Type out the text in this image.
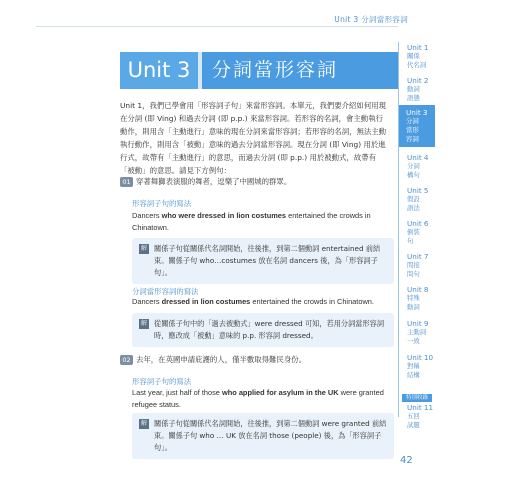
Unit 3 分詞當形容詞
Unit 3	分詞當形容詞
Unit 1，我們已學會用「形容詞子句」來當形容詞。本單元，我們要介紹如何用現在分詞 (即 Ving) 和過去分詞 (即 p.p.) 來當形容詞。若形容的名詞，會主動執行動作，則用含「主動進行」意味的現在分詞來當形容詞；若形容的名詞，無法主動執行動作，則用含「被動」意味的過去分詞當形容詞。現在分詞 (即 Ving) 用於進行式，故帶有「主動進行」的意思，而過去分詞 (即 p.p.) 用於被動式，故帶有「被動」的意思。請見下方例句：
01 穿著舞獅表演服的舞者，逗樂了中國城的群眾。
形容詞子句的寫法
Dancers who were dressed in lion costumes entertained the crowds in Chinatown.
解 關係子句從關係代名詞開始，往後推，到第二個動詞 entertained 前結束。關係子句 who…costumes 放在名詞 dancers 後，為「形容詞子句」。
分詞當形容詞的寫法
Dancers dressed in lion costumes entertained the crowds in Chinatown.
解 從關係子句中的「過去被動式」were dressed 可知，若用分詞當形容詞時，應改成「被動」意味的 p.p. 形容詞 dressed。
02 去年，在英國申請庇護的人，僅半數取得難民身份。
形容詞子句的寫法
Last year, just half of those who applied for asylum in the UK were granted refugee status.
解 關係子句從關係代名詞開始，往後推，到第二個動詞 were granted 前結束。關係子句 who … UK 放在名詞 those (people) 後，為「形容詞子句」。
Unit 1
關係
代名詞
Unit 2
動詞
語態
Unit 3
分詞
當形
容詞
Unit 4
分詞
構句
Unit 5
假設
語法
Unit 6
倒裝
句
Unit 7
間接
問句
Unit 8
特殊
動詞
Unit 9
主動詞
一致
Unit 10
對稱
結構
Unit 11
五回
試題
特別收錄
42
